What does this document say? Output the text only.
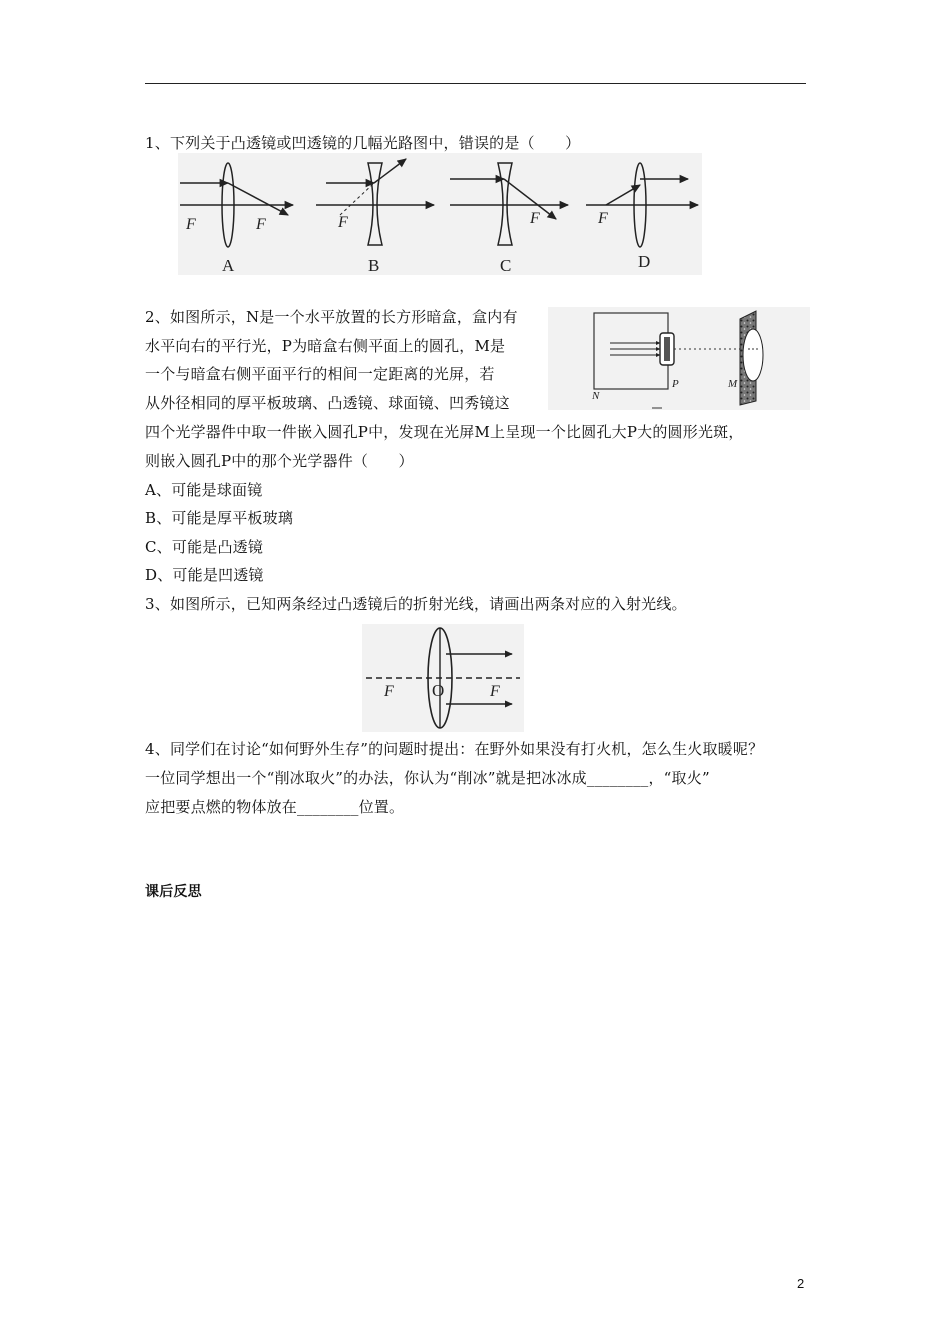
1、下列关于凸透镜或凹透镜的几幅光路图中，错误的是（　　）
F	F
A
F
B
F
C
F
D
2、如图所示，N是一个水平放置的长方形暗盒，盒内有
水平向右的平行光，P为暗盒右侧平面上的圆孔，M是
一个与暗盒右侧平面平行的相间一定距离的光屏，若
从外径相同的厚平板玻璃、凸透镜、球面镜、凹秀镜这
四个光学器件中取一件嵌入圆孔P中，发现在光屏M上呈现一个比圆孔大P大的圆形光斑，
则嵌入圆孔P中的那个光学器件（　　）
N
P	M
A、可能是球面镜
B、可能是厚平板玻璃
C、可能是凸透镜
D、可能是凹透镜
3、如图所示，已知两条经过凸透镜后的折射光线，请画出两条对应的入射光线。
F O	F
4、同学们在讨论“如何野外生存”的问题时提出：在野外如果没有打火机，怎么生火取暖呢？
一位同学想出一个“削冰取火”的办法，你认为“削冰”就是把冰冰成________，“取火”
应把要点燃的物体放在________位置。
课后反思
2
